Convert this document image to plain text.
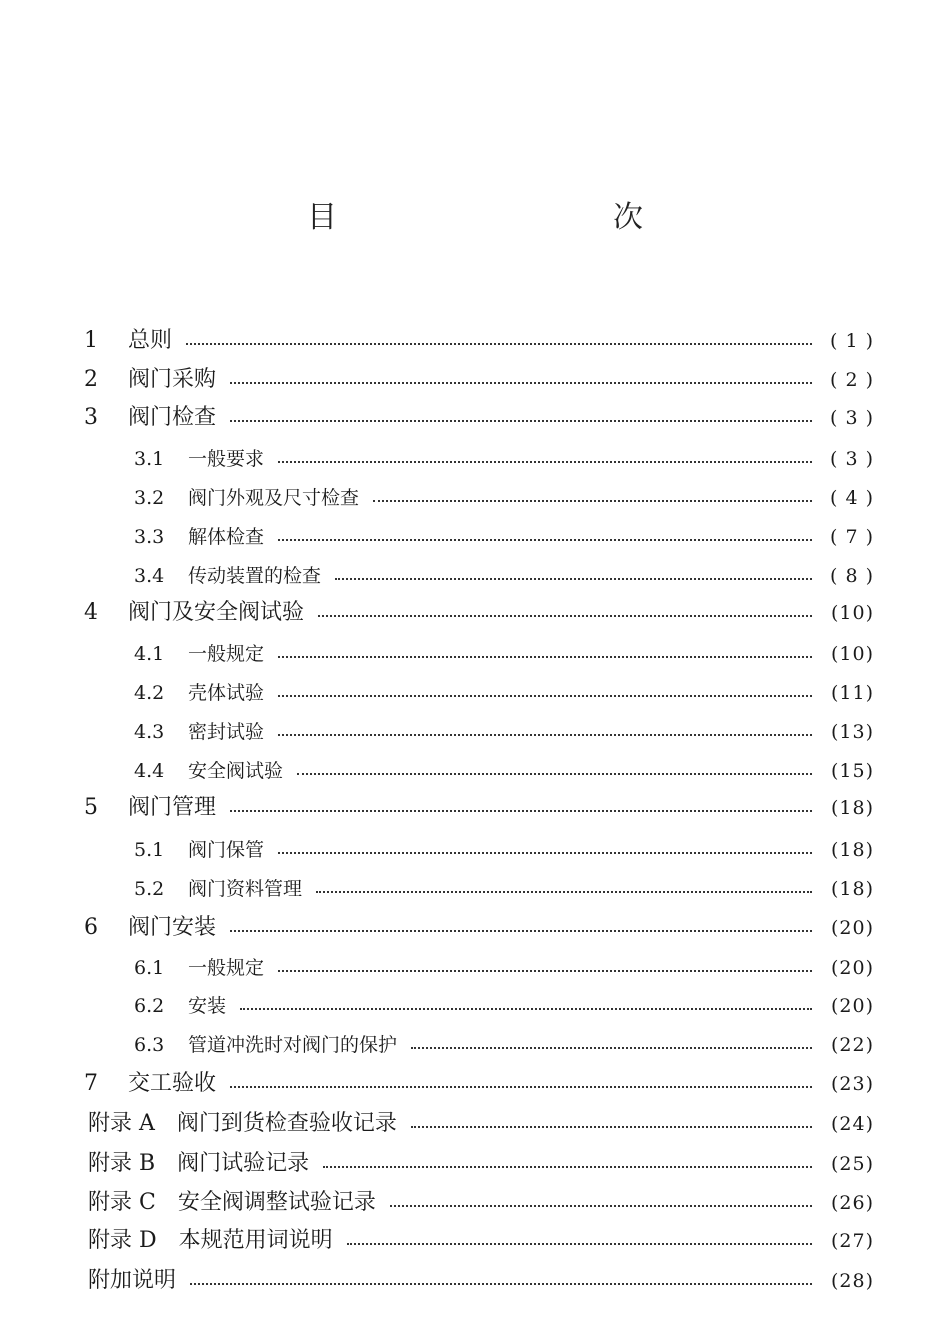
目　　次
1	总则	( 1 )
2	阀门采购	( 2 )
3	阀门检查	( 3 )
3.1	一般要求	( 3 )
3.2	阀门外观及尺寸检查	( 4 )
3.3	解体检查	( 7 )
3.4	传动装置的检查	( 8 )
4	阀门及安全阀试验	(10)
4.1	一般规定	(10)
4.2	壳体试验	(11)
4.3	密封试验	(13)
4.4	安全阀试验	(15)
5	阀门管理	(18)
5.1	阀门保管	(18)
5.2	阀门资料管理	(18)
6	阀门安装	(20)
6.1	一般规定	(20)
6.2	安装	(20)
6.3	管道冲洗时对阀门的保护	(22)
7	交工验收	(23)
附录 A　阀门到货检查验收记录	(24)
附录 B　阀门试验记录	(25)
附录 C　安全阀调整试验记录	(26)
附录 D　本规范用词说明	(27)
附加说明	(28)
